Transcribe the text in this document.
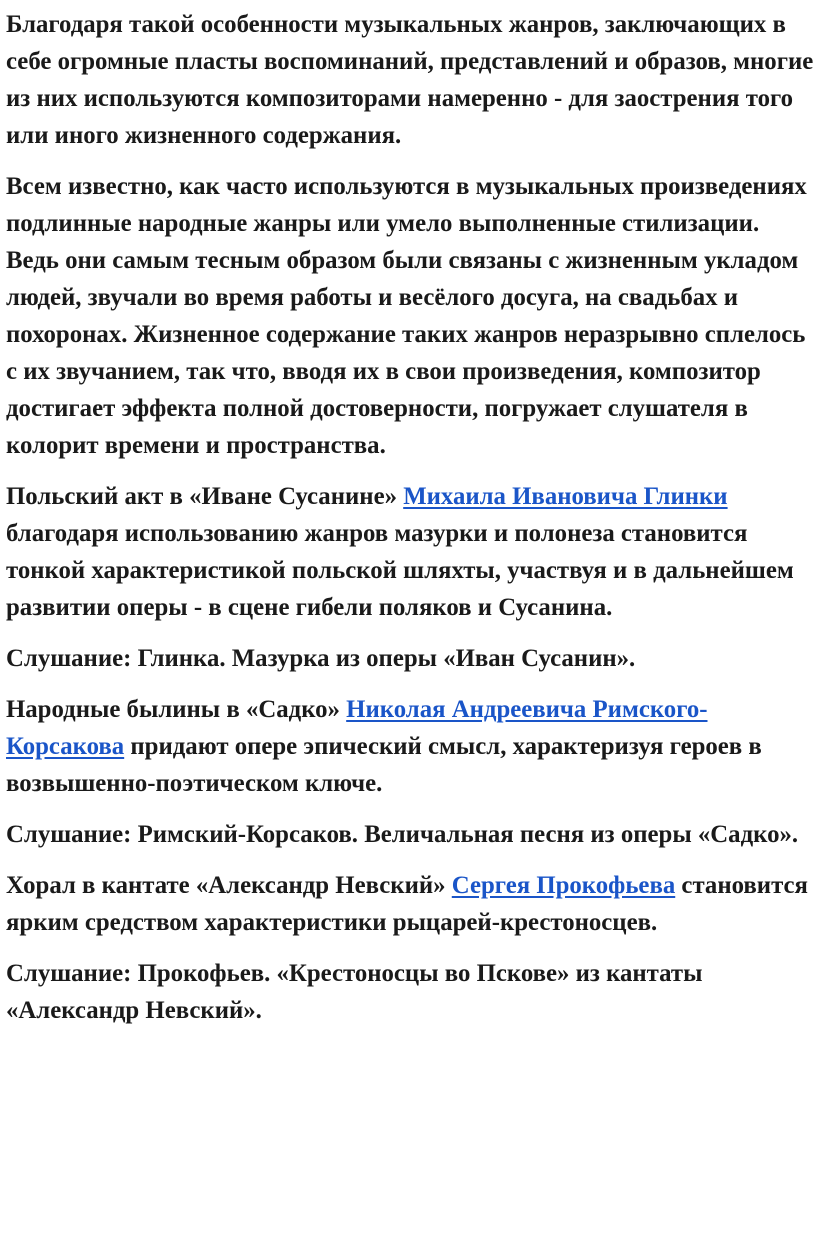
Благодаря такой особенности музыкальных жанров, заключающих в себе огромные пласты воспоминаний, представлений и образов, многие из них используются композиторами намеренно - для заострения того или иного жизненного содержания.

Всем известно, как часто используются в музыкальных произведениях подлинные народные жанры или умело выполненные стилизации. Ведь они самым тесным образом были связаны с жизненным укладом людей, звучали во время работы и весёлого досуга, на свадьбах и похоронах. Жизненное содержание таких жанров неразрывно сплелось с их звучанием, так что, вводя их в свои произведения, композитор достигает эффекта полной достоверности, погружает слушателя в колорит времени и пространства.

Польский акт в «Иване Сусанине» Михаила Ивановича Глинки благодаря использованию жанров мазурки и полонеза становится тонкой характеристикой польской шляхты, участвуя и в дальнейшем развитии оперы - в сцене гибели поляков и Сусанина.

Слушание: Глинка. Мазурка из оперы «Иван Сусанин».

Народные былины в «Садко» Николая Андреевича Римского-Корсакова придают опере эпический смысл, характеризуя героев в возвышенно-поэтическом ключе.

Слушание: Римский-Корсаков. Величальная песня из оперы «Садко».

Хорал в кантате «Александр Невский» Сергея Прокофьева становится ярким средством характеристики рыцарей-крестоносцев.

Слушание: Прокофьев. «Крестоносцы во Пскове» из кантаты «Александр Невский».
